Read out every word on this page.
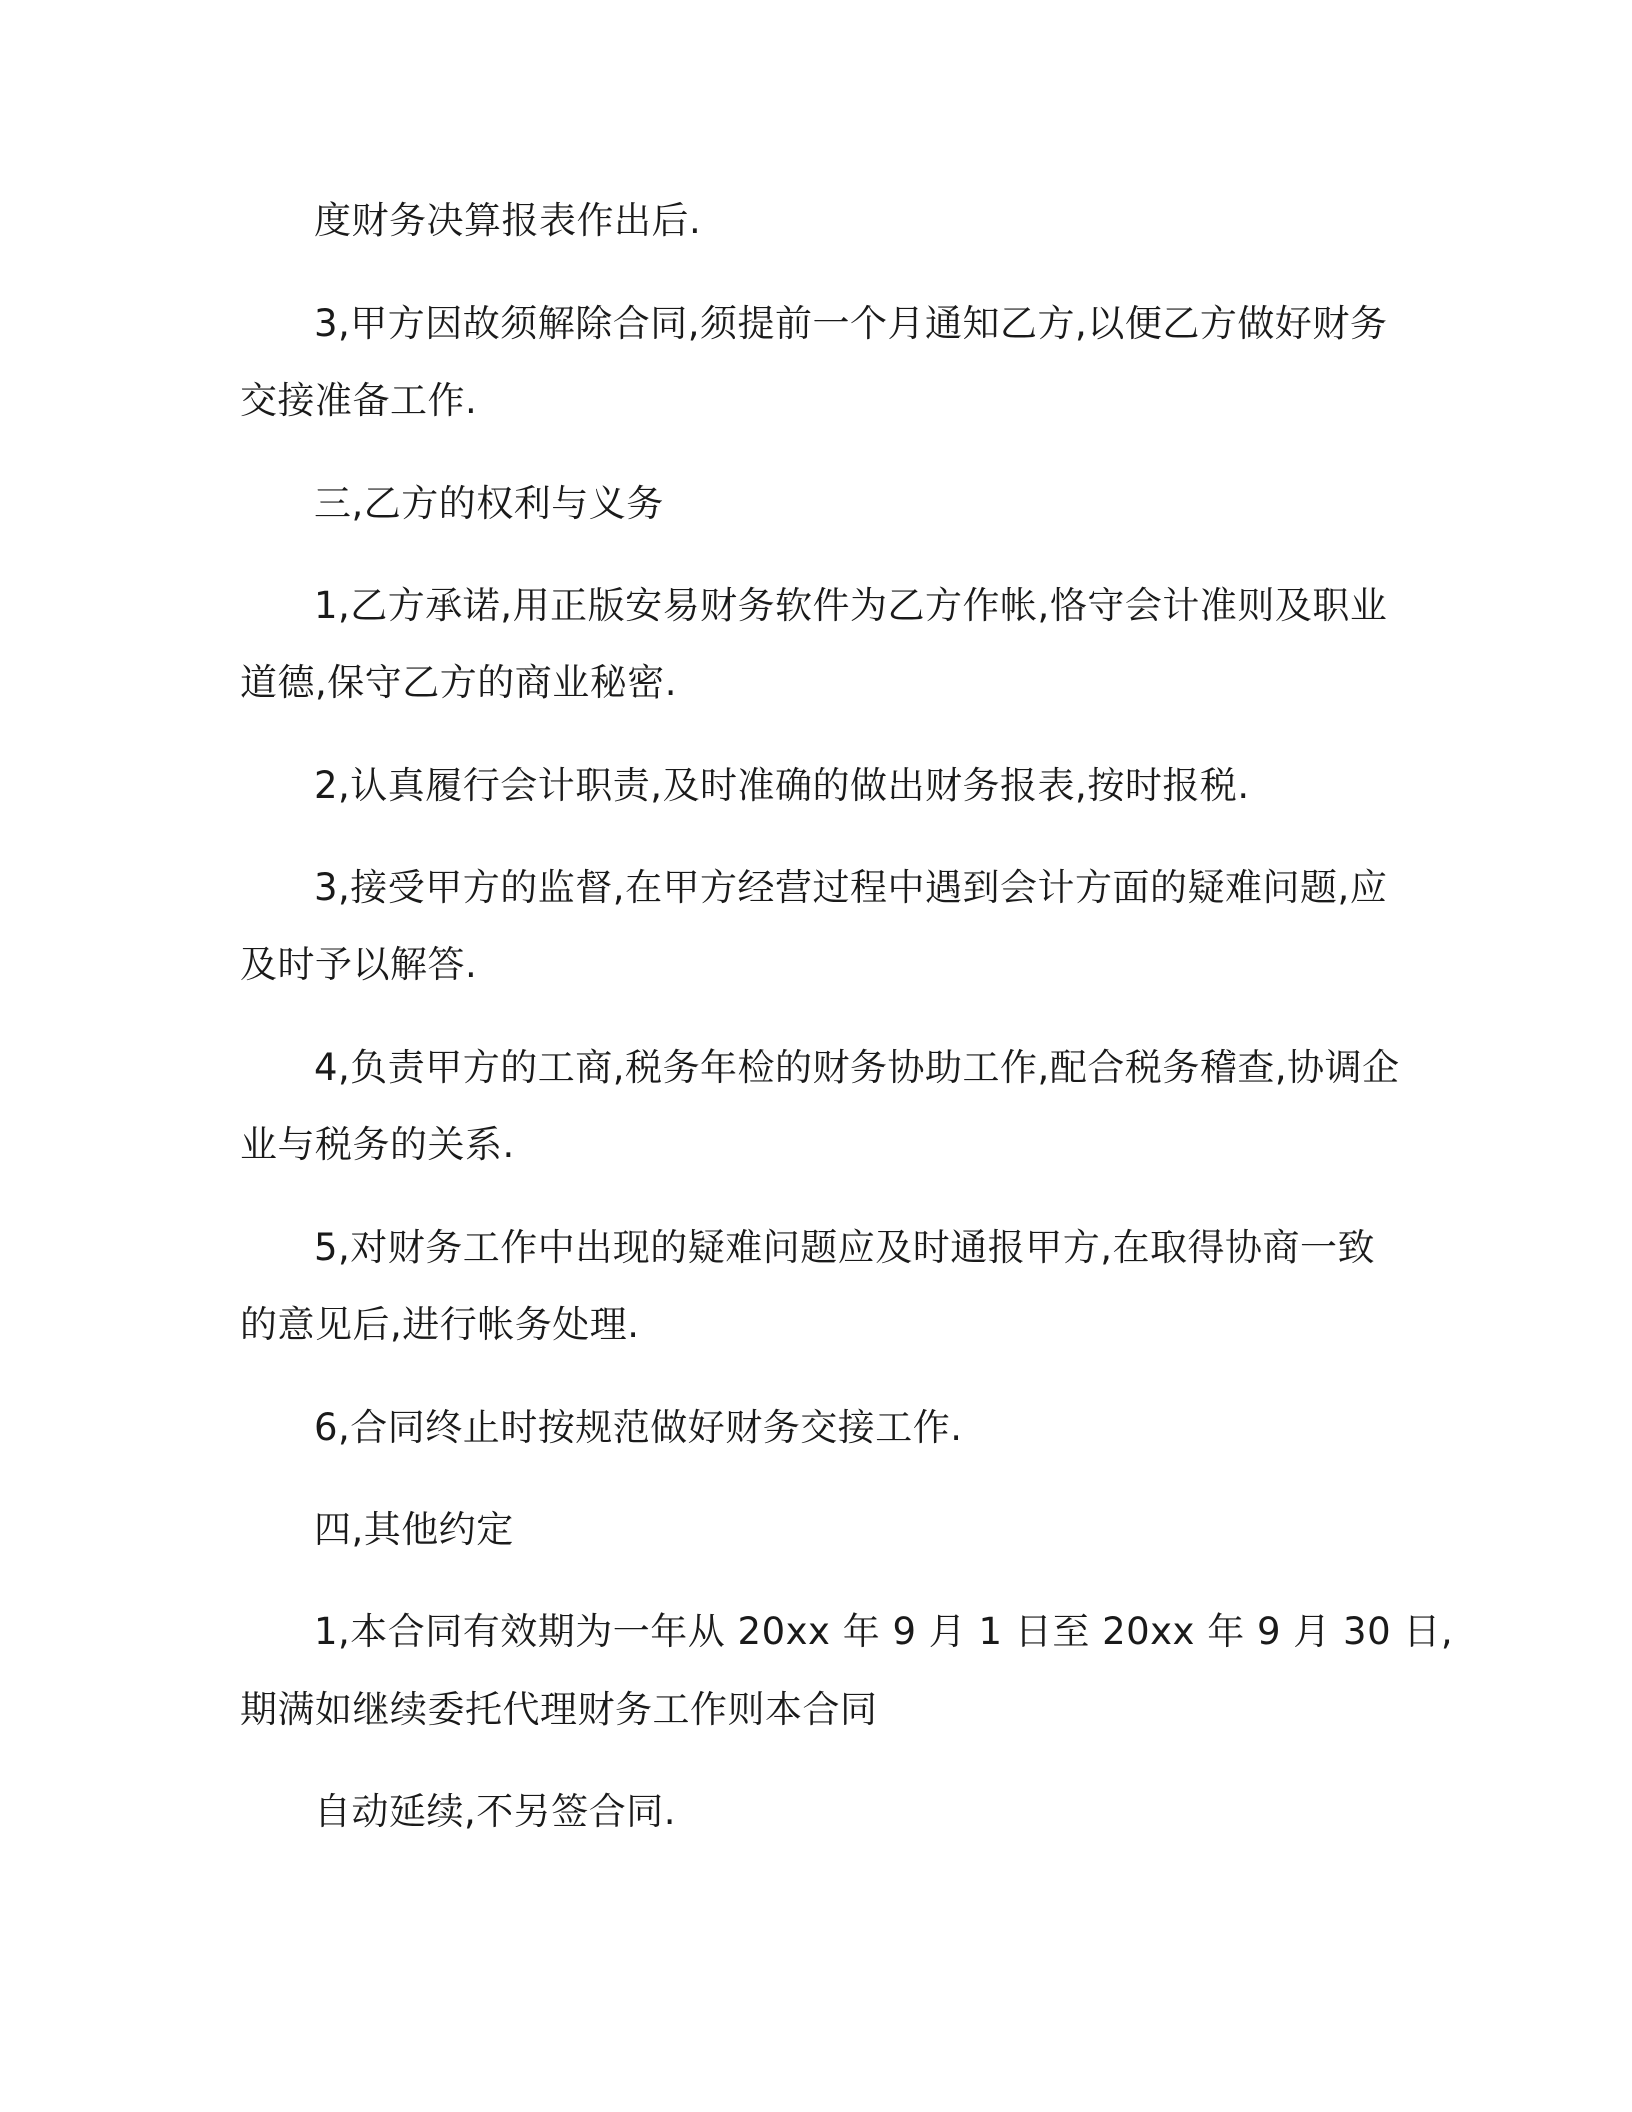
度财务决算报表作出后.
3,甲方因故须解除合同,须提前一个月通知乙方,以便乙方做好财务
交接准备工作.
三,乙方的权利与义务
1,乙方承诺,用正版安易财务软件为乙方作帐,恪守会计准则及职业
道德,保守乙方的商业秘密.
2,认真履行会计职责,及时准确的做出财务报表,按时报税.
3,接受甲方的监督,在甲方经营过程中遇到会计方面的疑难问题,应
及时予以解答.
4,负责甲方的工商,税务年检的财务协助工作,配合税务稽查,协调企
业与税务的关系.
5,对财务工作中出现的疑难问题应及时通报甲方,在取得协商一致
的意见后,进行帐务处理.
6,合同终止时按规范做好财务交接工作.
四,其他约定
1,本合同有效期为一年从 20xx 年 9 月 1 日至 20xx 年 9 月 30 日,
期满如继续委托代理财务工作则本合同
自动延续,不另签合同.
